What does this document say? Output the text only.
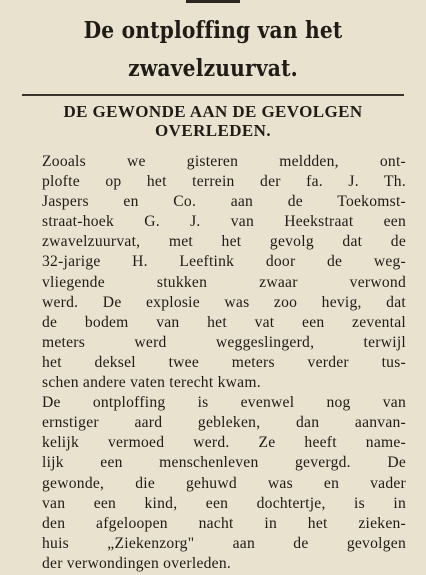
De ontploffing van het
zwavelzuurvat.
DE GEWONDE AAN DE GEVOLGEN
OVERLEDEN.
Zooals we gisteren meldden, ont-
plofte op het terrein der fa. J. Th.
Jaspers en Co. aan de Toekomst-
straat-hoek G. J. van Heekstraat een
zwavelzuurvat, met het gevolg dat de
32-jarige H. Leeftink door de weg-
vliegende stukken zwaar verwond
werd. De explosie was zoo hevig, dat
de bodem van het vat een zevental
meters werd weggeslingerd, terwijl
het deksel twee meters verder tus-
schen andere vaten terecht kwam.
De ontploffing is evenwel nog van
ernstiger aard gebleken, dan aanvan-
kelijk vermoed werd. Ze heeft name-
lijk een menschenleven gevergd. De
gewonde, die gehuwd was en vader
van een kind, een dochtertje, is in
den afgeloopen nacht in het zieken-
huis „Ziekenzorg" aan de gevolgen
der verwondingen overleden.
